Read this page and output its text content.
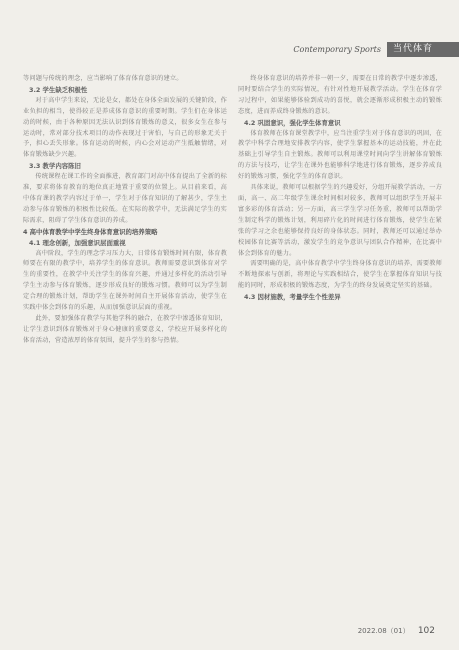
Contemporary Sports	当代体育

等问题与传统的理念，应当影响了体育体育意识的建立。

3.2 学生缺乏积极性

对于高中学生来说，无论是女，都处在身体全面发展的关键阶段，作业负担的相当，使得较正是养成体育意识的重要时期。学生们在身体运动的时候，由于各种原因无法认识到体育锻炼的意义，很多女生在参与运动时，常对部分技术项目的动作表现过于害怕，与自己的形象无关于予，担心丢失形象。体育运动的时候，内心会对运动产生抵触情绪，对体育锻炼缺少兴趣。

3.3 教学内容陈旧

传统课程在课工作的全面推进，教育部门对高中体育提出了全新的标准，要求将体育教育的地位真正地置于重要的位置上。从目前来看，高中体育课的教学内容过于单一，学生对于体育知识的了解甚少，学生主动参与体育锻炼的积极性比较低。在实际的教学中，无法满足学生的实际需求，阻碍了学生体育意识的养成。

4 高中体育教学中学生终身体育意识的培养策略
4.1 理念创新，加强意识层面重视

高中阶段，学生的理念学习压力大，日常体育锻炼时间有限，体育教师要在有限的教学中，培养学生的体育意识。教师需要意识到体育对学生的重要性，在教学中关注学生的体育兴趣，并通过多样化的活动引导学生主动参与体育锻炼，逐步形成良好的锻炼习惯。教师可以为学生制定合理的锻炼计划，帮助学生在课外时间自主开展体育活动，使学生在实践中体会到体育的乐趣，从而加强意识层面的重视。

此外，要加强体育教学与其他学科的融合，在教学中渗透体育知识，让学生意识到体育锻炼对于身心健康的重要意义，学校应开展多样化的体育活动，营造浓厚的体育氛围，提升学生的参与热情。

终身体育意识的培养并非一朝一夕，需要在日常的教学中逐步渗透，同时要结合学生的实际情况，有针对性地开展教学活动。学生在体育学习过程中，如果能够体验到成功的喜悦，就会逐渐形成积极主动的锻炼态度，进而养成终身锻炼的意识。

4.2 巩固意识，强化学生体育意识

体育教师在体育课堂教学中，应当注重学生对于体育意识的巩固，在教学中科学合理地安排教学内容，使学生掌握基本的运动技能，并在此基础上引导学生自主锻炼。教师可以利用课堂时间向学生讲解体育锻炼的方法与技巧，让学生在课外也能够科学地进行体育锻炼，逐步养成良好的锻炼习惯，强化学生的体育意识。

具体来说，教师可以根据学生的兴趣爱好，分组开展教学活动，一方面，高一、高二年级学生课余时间相对较多，教师可以组织学生开展丰富多彩的体育活动；另一方面，高三学生学习任务重，教师可以帮助学生制定科学的锻炼计划，利用碎片化的时间进行体育锻炼，使学生在紧张的学习之余也能够保持良好的身体状态。同时，教师还可以通过举办校园体育比赛等活动，激发学生的竞争意识与团队合作精神，在比赛中体会到体育的魅力。

需要明确的是，高中体育教学中学生终身体育意识的培养，需要教师不断地探索与创新，将理论与实践相结合，使学生在掌握体育知识与技能的同时，形成积极的锻炼态度，为学生的终身发展奠定坚实的基础。

4.3 因材施教，考量学生个性差异
2022.08（01） 102
